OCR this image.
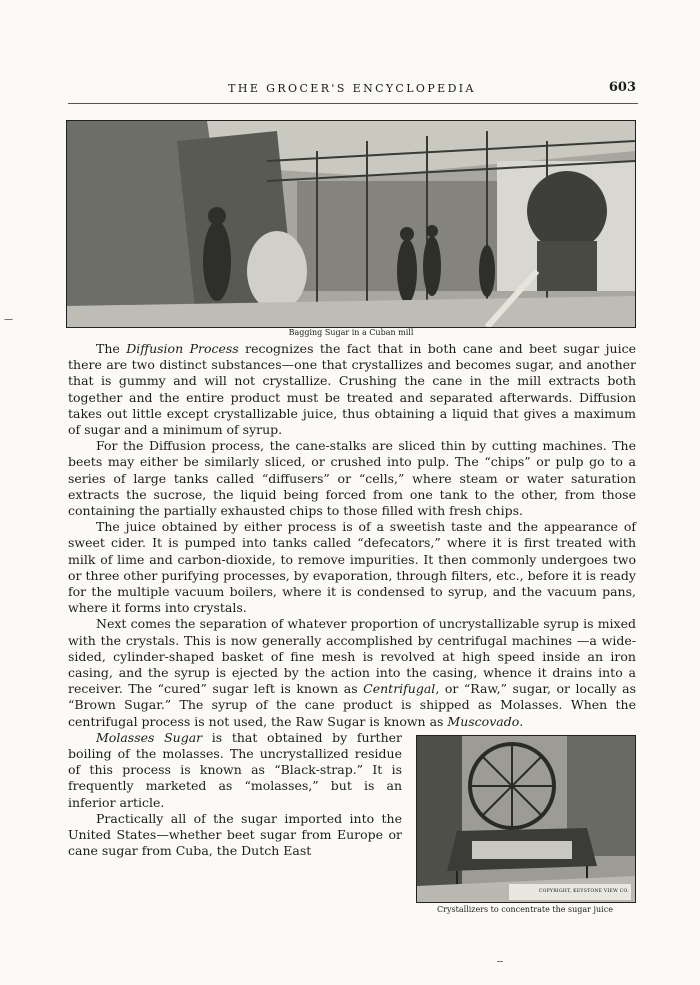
THE GROCER'S ENCYCLOPEDIA	603
Bagging Sugar in a Cuban mill
—

The Diffusion Process recognizes the fact that in both cane and beet sugar juice there are two distinct substances—one that crystallizes and becomes sugar, and another that is gummy and will not crystallize. Crushing the cane in the mill extracts both together and the entire product must be treated and separated afterwards. Diffusion takes out little except crystallizable juice, thus obtaining a liquid that gives a maximum of sugar and a minimum of syrup.

For the Diffusion process, the cane-stalks are sliced thin by cutting machines. The beets may either be similarly sliced, or crushed into pulp. The “chips” or pulp go to a series of large tanks called “diffusers” or “cells,” where steam or water saturation extracts the sucrose, the liquid being forced from one tank to the other, from those containing the partially exhausted chips to those filled with fresh chips.

The juice obtained by either process is of a sweetish taste and the appearance of sweet cider. It is pumped into tanks called “defecators,” where it is first treated with milk of lime and carbon-dioxide, to remove impurities. It then commonly undergoes two or three other purifying processes, by evaporation, through filters, etc., before it is ready for the multiple vacuum boilers, where it is condensed to syrup, and the vacuum pans, where it forms into crystals.

Next comes the separation of whatever proportion of uncrystallizable syrup is mixed with the crystals. This is now generally accomplished by centrifugal machines —a wide-sided, cylinder-shaped basket of fine mesh is revolved at high speed inside an iron casing, and the syrup is ejected by the action into the casing, whence it drains into a receiver. The “cured” sugar left is known as Centrifugal, or “Raw,” sugar, or locally as “Brown Sugar.” The syrup of the cane product is shipped as Molasses. When the centrifugal process is not used, the Raw Sugar is known as Muscovado.
COPYRIGHT, KEYSTONE VIEW CO.
Crystallizers to concentrate the sugar juice

Molasses Sugar is that obtained by further boiling of the molasses. The uncrystallized residue of this process is known as “Black-strap.” It is frequently marketed as “molasses,” but is an inferior article.

Practically all of the sugar imported into the United States—whether beet sugar from Europe or cane sugar from Cuba, the Dutch East
